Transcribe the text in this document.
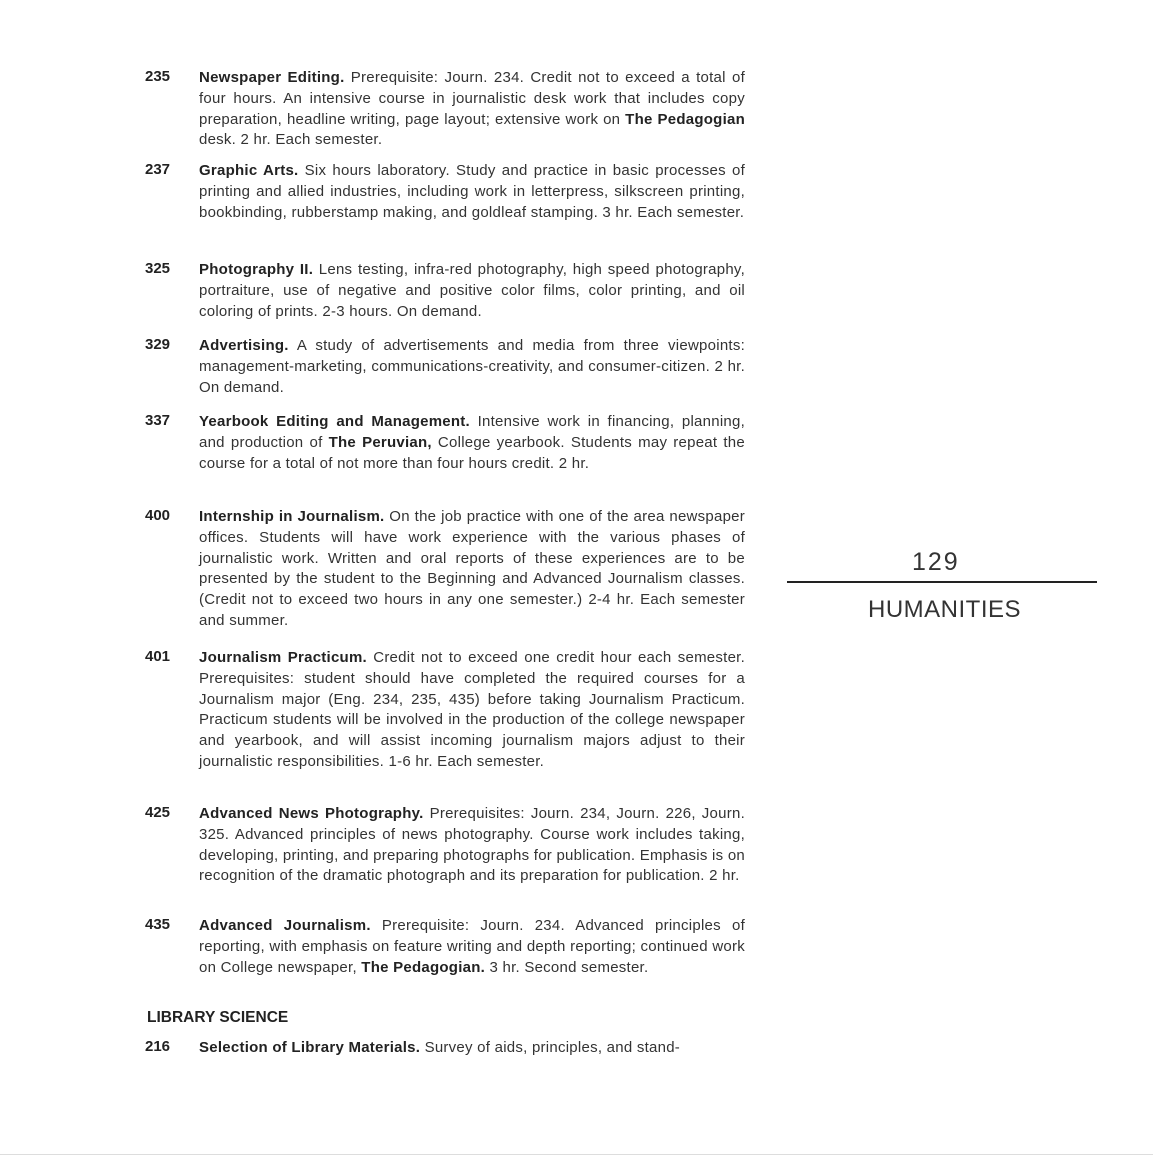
235	Newspaper Editing. Prerequisite: Journ. 234. Credit not to exceed a total of four hours. An intensive course in journalistic desk work that includes copy preparation, headline writing, page layout; extensive work on The Pedagogian desk. 2 hr. Each semester.
237	Graphic Arts. Six hours laboratory. Study and practice in basic processes of printing and allied industries, including work in letterpress, silkscreen printing, bookbinding, rubberstamp making, and goldleaf stamping. 3 hr. Each semester.
325	Photography II. Lens testing, infra-red photography, high speed photography, portraiture, use of negative and positive color films, color printing, and oil coloring of prints. 2-3 hours. On demand.
329	Advertising. A study of advertisements and media from three viewpoints: management-marketing, communications-creativity, and consumer-citizen. 2 hr. On demand.
337	Yearbook Editing and Management. Intensive work in financing, planning, and production of The Peruvian, College yearbook. Students may repeat the course for a total of not more than four hours credit. 2 hr.
400	Internship in Journalism. On the job practice with one of the area newspaper offices. Students will have work experience with the various phases of journalistic work. Written and oral reports of these experiences are to be presented by the student to the Beginning and Advanced Journalism classes. (Credit not to exceed two hours in any one semester.) 2-4 hr. Each semester and summer.
401	Journalism Practicum. Credit not to exceed one credit hour each semester. Prerequisites: student should have completed the required courses for a Journalism major (Eng. 234, 235, 435) before taking Journalism Practicum. Practicum students will be involved in the production of the college newspaper and yearbook, and will assist incoming journalism majors adjust to their journalistic responsibilities. 1-6 hr. Each semester.
425	Advanced News Photography. Prerequisites: Journ. 234, Journ. 226, Journ. 325. Advanced principles of news photography. Course work includes taking, developing, printing, and preparing photographs for publication. Emphasis is on recognition of the dramatic photograph and its preparation for publication. 2 hr.
435	Advanced Journalism. Prerequisite: Journ. 234. Advanced principles of reporting, with emphasis on feature writing and depth reporting; continued work on College newspaper, The Pedagogian. 3 hr. Second semester.
LIBRARY SCIENCE
216	Selection of Library Materials. Survey of aids, principles, and stand-
129
HUMANITIES
